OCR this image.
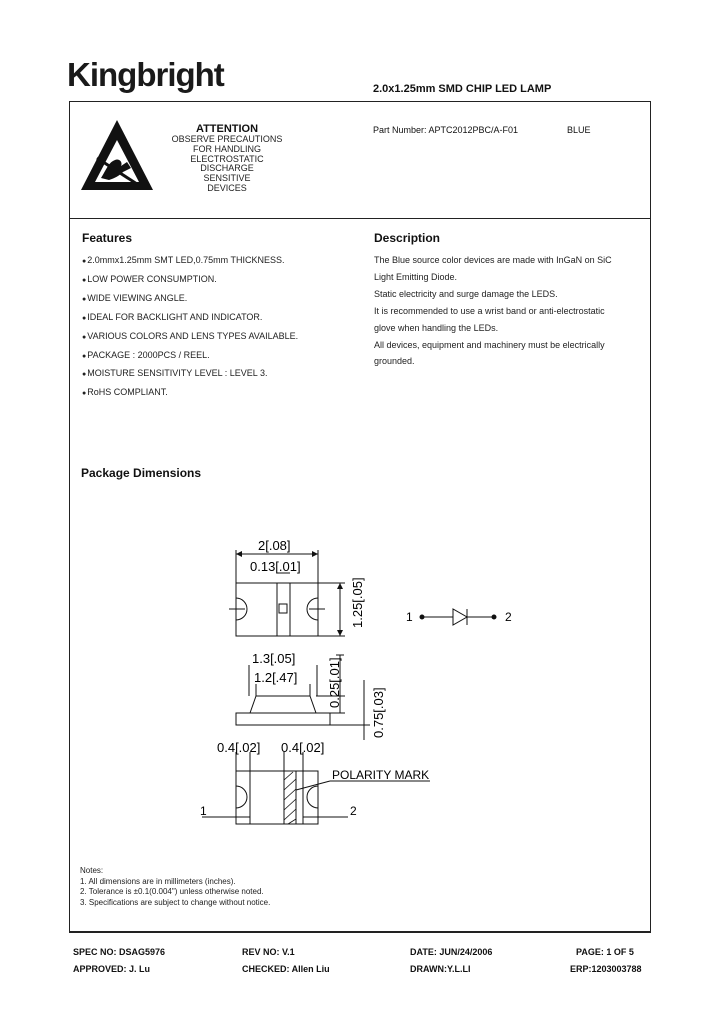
Kingbright	2.0x1.25mm SMD CHIP LED LAMP
ATTENTION
OBSERVE PRECAUTIONS
FOR HANDLING
ELECTROSTATIC
DISCHARGE
SENSITIVE
DEVICES
Part Number: APTC2012PBC/A-F01	BLUE
Features
● 2.0mmx1.25mm SMT LED,0.75mm THICKNESS.
● LOW POWER CONSUMPTION.
● WIDE VIEWING ANGLE.
● IDEAL FOR BACKLIGHT AND INDICATOR.
● VARIOUS COLORS AND LENS TYPES AVAILABLE.
● PACKAGE : 2000PCS / REEL.
● MOISTURE SENSITIVITY LEVEL : LEVEL 3.
● RoHS COMPLIANT.
Description
The Blue source color devices are made with InGaN on SiC
Light Emitting Diode.
Static electricity and surge damage the LEDS.
It is recommended to use a wrist band or anti-electrostatic
glove when handling the LEDs.
All devices, equipment and machinery must be electrically
grounded.
Package Dimensions
2[.08]
0.13[.01]
1.25[.05]
1.3[.05]
1.2[.47] 0.25[.01]
0.75[.03]
0.4[.02] 0.4[.02]
POLARITY MARK
1	2
1	2
Notes:
1. All dimensions are in millimeters (inches).
2. Tolerance is ±0.1(0.004") unless otherwise noted.
3. Specifications are subject to change without notice.
SPEC NO: DSAG5976	REV NO: V.1	DATE: JUN/24/2006	PAGE: 1 OF 5
APPROVED: J. Lu	CHECKED: Allen Liu	DRAWN:Y.L.LI	ERP:1203003788
